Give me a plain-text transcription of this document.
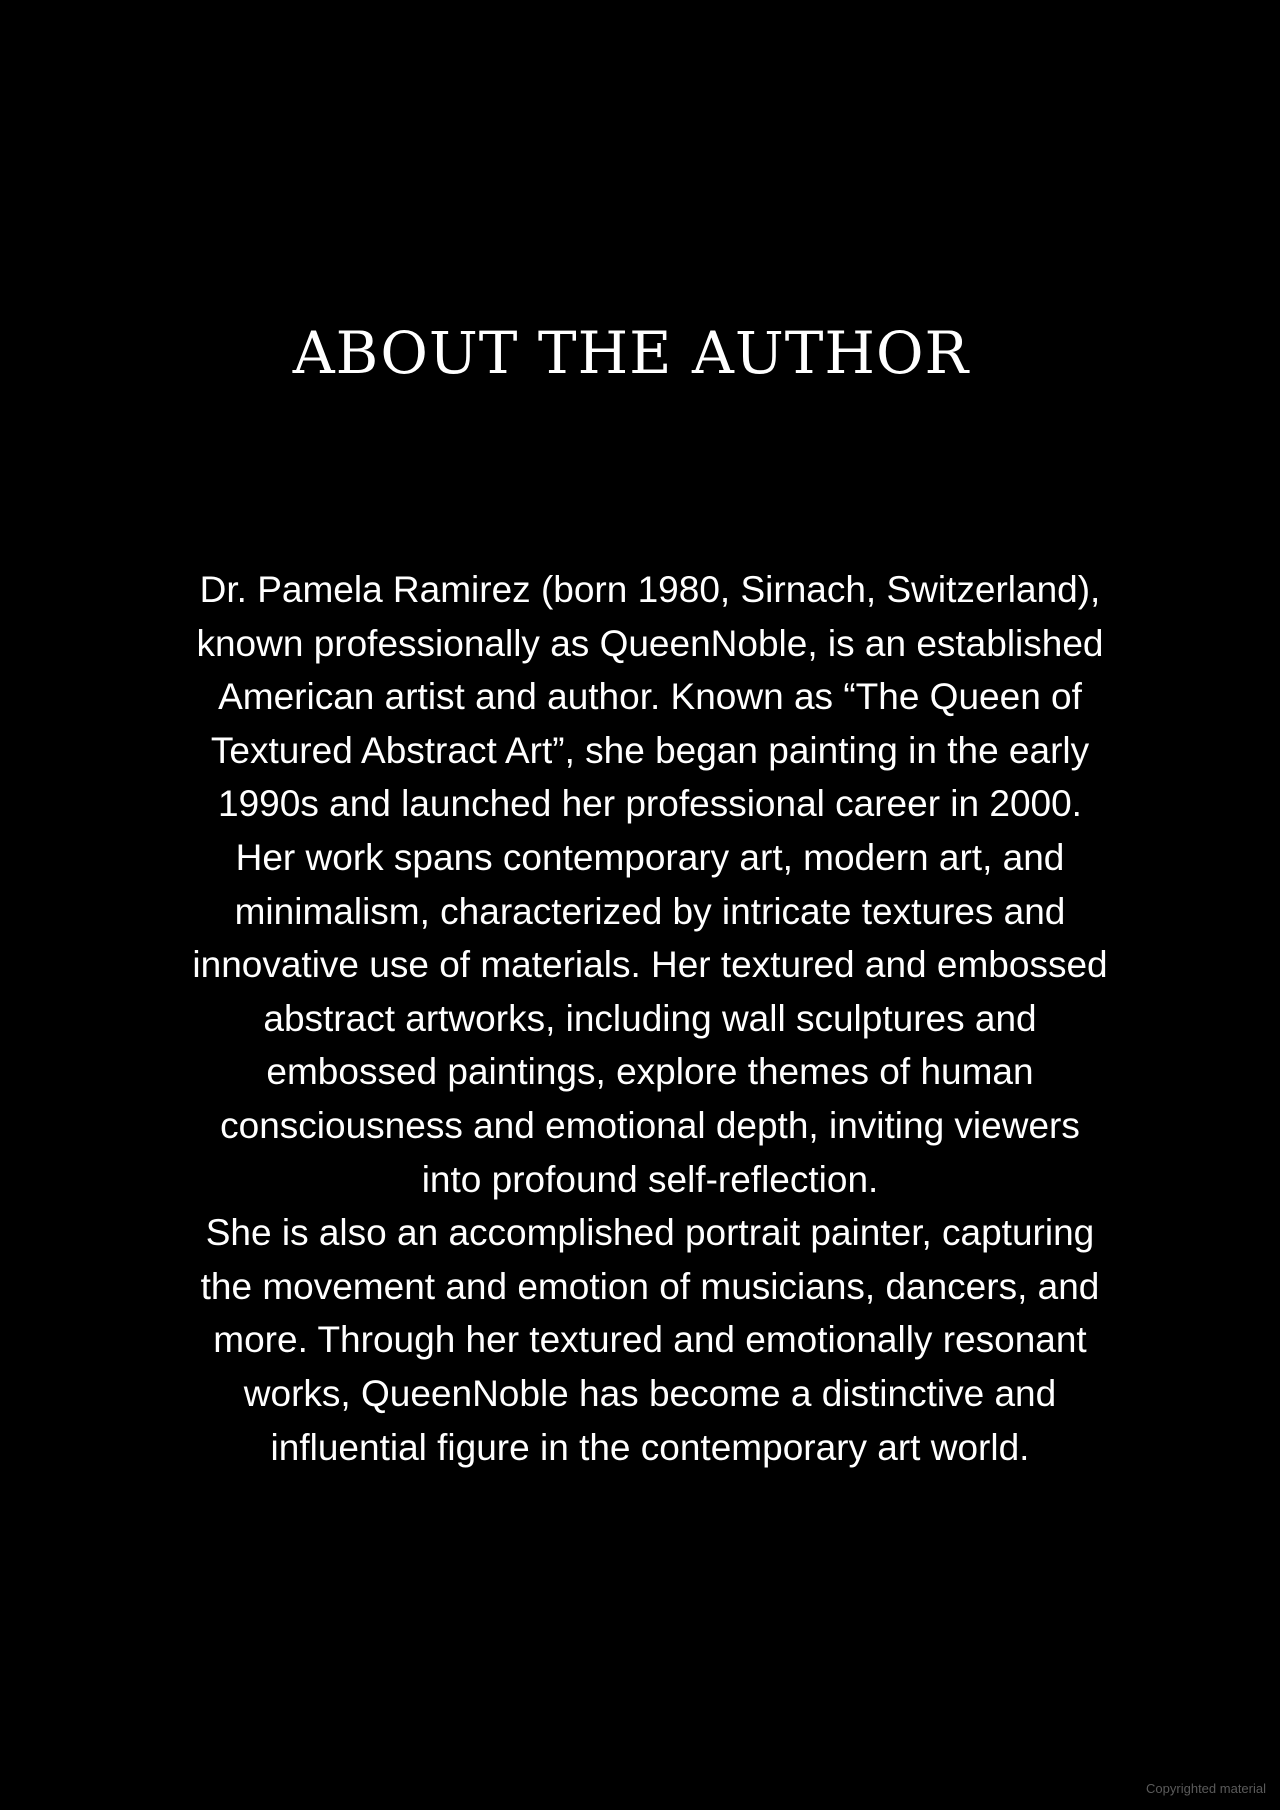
ABOUT THE AUTHOR

Dr. Pamela Ramirez (born 1980, Sirnach, Switzerland),
known professionally as QueenNoble, is an established
American artist and author. Known as “The Queen of
Textured Abstract Art”, she began painting in the early
1990s and launched her professional career in 2000.
Her work spans contemporary art, modern art, and
minimalism, characterized by intricate textures and
innovative use of materials. Her textured and embossed
abstract artworks, including wall sculptures and
embossed paintings, explore themes of human
consciousness and emotional depth, inviting viewers
into profound self-reflection.

She is also an accomplished portrait painter, capturing
the movement and emotion of musicians, dancers, and
more. Through her textured and emotionally resonant
works, QueenNoble has become a distinctive and
influential figure in the contemporary art world.

Copyrighted material
